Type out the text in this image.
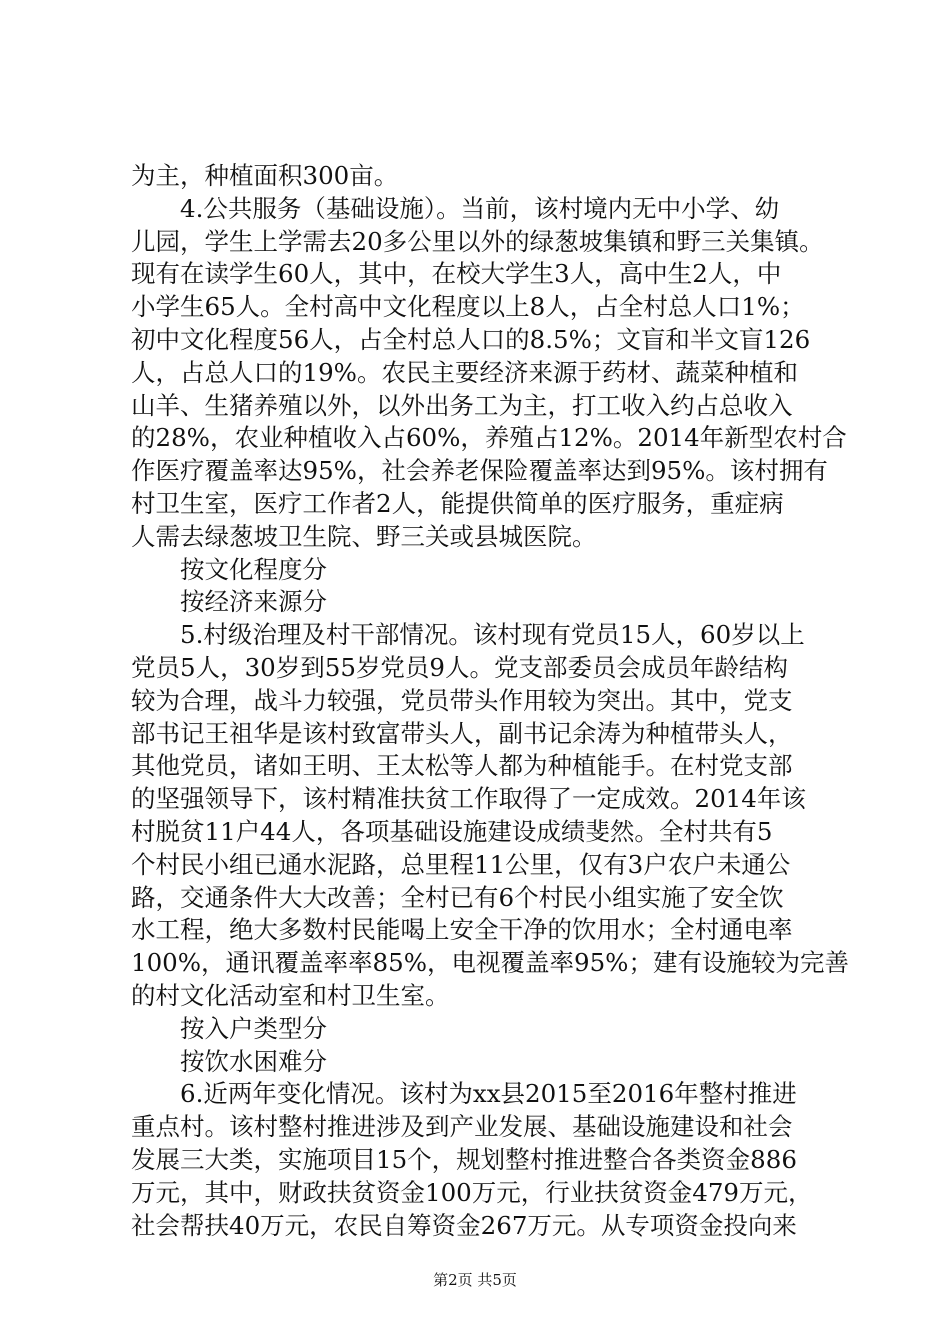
为主，种植面积300亩。
4.公共服务（基础设施）。当前，该村境内无中小学、幼
儿园，学生上学需去20多公里以外的绿葱坡集镇和野三关集镇。
现有在读学生60人，其中，在校大学生3人，高中生2人，中
小学生65人。全村高中文化程度以上8人，占全村总人口1%；
初中文化程度56人，占全村总人口的8.5%；文盲和半文盲126
人，占总人口的19%。农民主要经济来源于药材、蔬菜种植和
山羊、生猪养殖以外，以外出务工为主，打工收入约占总收入
的28%，农业种植收入占60%，养殖占12%。2014年新型农村合
作医疗覆盖率达95%，社会养老保险覆盖率达到95%。该村拥有
村卫生室，医疗工作者2人，能提供简单的医疗服务，重症病
人需去绿葱坡卫生院、野三关或县城医院。
按文化程度分
按经济来源分
5.村级治理及村干部情况。该村现有党员15人，60岁以上
党员5人，30岁到55岁党员9人。党支部委员会成员年龄结构
较为合理，战斗力较强，党员带头作用较为突出。其中，党支
部书记王祖华是该村致富带头人，副书记余涛为种植带头人，
其他党员，诸如王明、王太松等人都为种植能手。在村党支部
的坚强领导下，该村精准扶贫工作取得了一定成效。2014年该
村脱贫11户44人，各项基础设施建设成绩斐然。全村共有5
个村民小组已通水泥路，总里程11公里，仅有3户农户未通公
路，交通条件大大改善；全村已有6个村民小组实施了安全饮
水工程，绝大多数村民能喝上安全干净的饮用水；全村通电率
100%，通讯覆盖率率85%，电视覆盖率95%；建有设施较为完善
的村文化活动室和村卫生室。
按入户类型分
按饮水困难分
6.近两年变化情况。该村为xx县2015至2016年整村推进
重点村。该村整村推进涉及到产业发展、基础设施建设和社会
发展三大类，实施项目15个，规划整村推进整合各类资金886
万元，其中，财政扶贫资金100万元，行业扶贫资金479万元，
社会帮扶40万元，农民自筹资金267万元。从专项资金投向来
第2页 共5页
